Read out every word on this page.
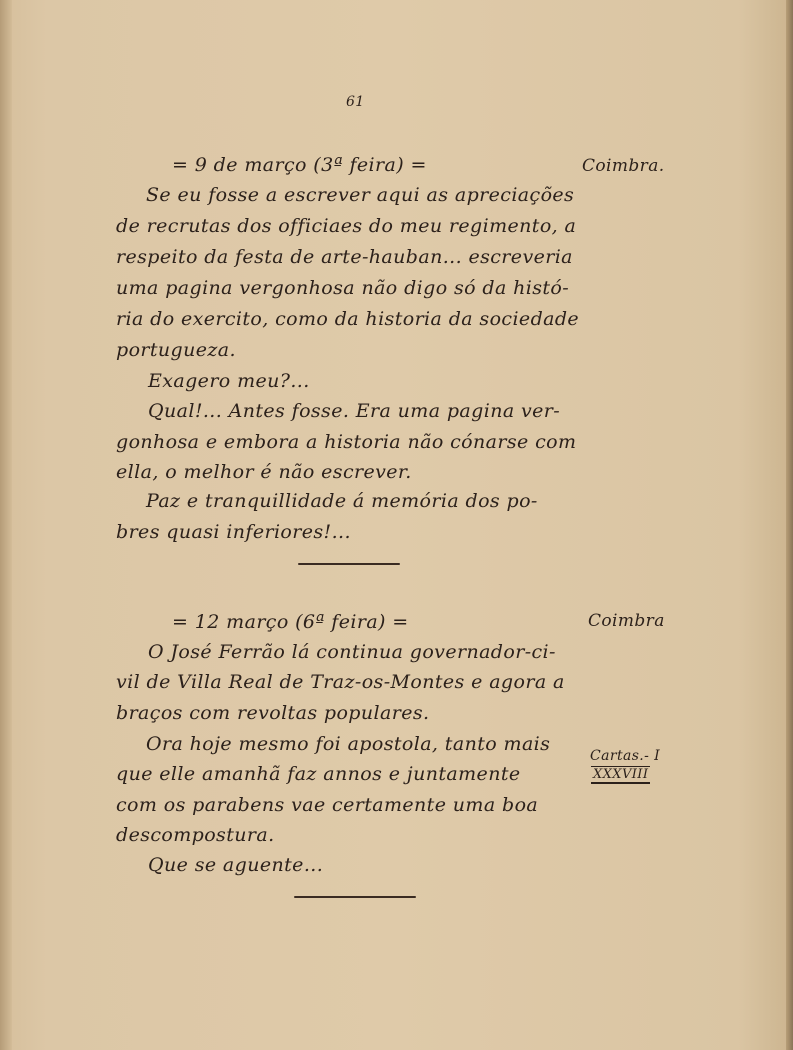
61
= 9 de março (3ª feira) =	Coimbra.
Se eu fosse a escrever aqui as apreciações
de recrutas dos officiaes do meu regimento, a
respeito da festa de arte-hauban... escreveria
uma pagina vergonhosa não digo só da histó-
ria do exercito, como da historia da sociedade
portugueza.
Exagero meu?...
Qual!... Antes fosse. Era uma pagina ver-
gonhosa e embora a historia não cónarse com
ella, o melhor é não escrever.
Paz e tranquillidade á memória dos po-
bres quasi inferiores!...
= 12 março (6ª feira) =	Coimbra
O José Ferrão lá continua governador-ci-
vil de Villa Real de Traz-os-Montes e agora a
braços com revoltas populares.
Ora hoje mesmo foi apostola, tanto mais
que elle amanhã faz annos e juntamente
com os parabens vae certamente uma boa
descompostura.
Que se aguente...
Cartas.- I
XXXVIII
